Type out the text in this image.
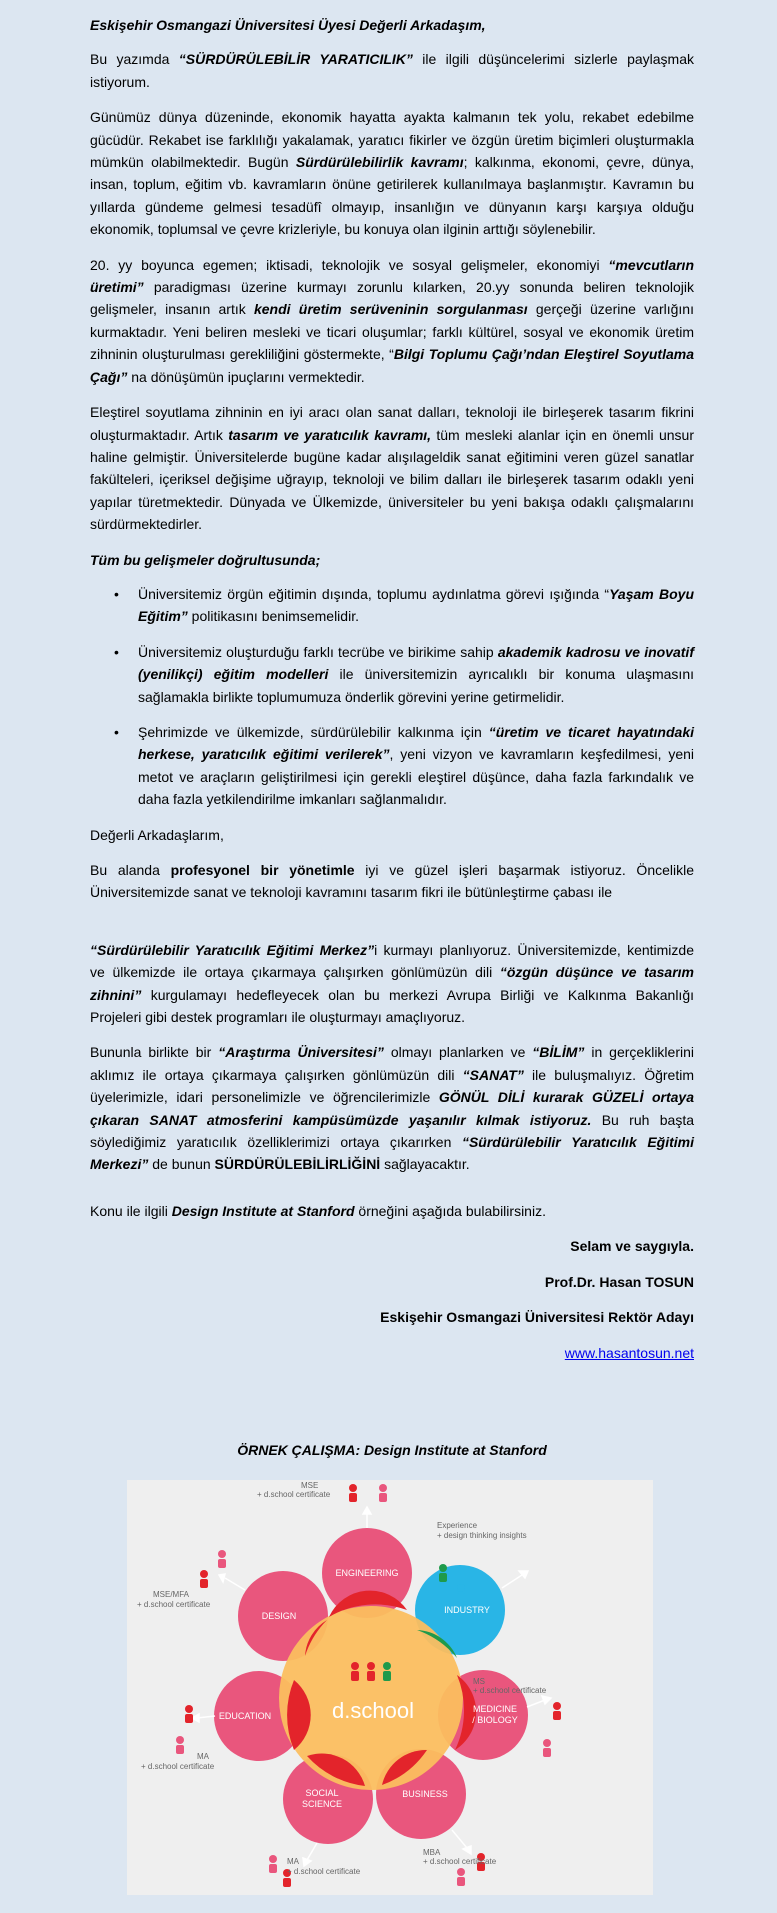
Eskişehir Osmangazi Üniversitesi Üyesi Değerli Arkadaşım,

Bu yazımda “SÜRDÜRÜLEBİLİR YARATICILIK” ile ilgili düşüncelerimi sizlerle paylaşmak istiyorum.

Günümüz dünya düzeninde, ekonomik hayatta ayakta kalmanın tek yolu, rekabet edebilme gücüdür. Rekabet ise farklılığı yakalamak, yaratıcı fikirler ve özgün üretim biçimleri oluşturmakla mümkün olabilmektedir. Bugün Sürdürülebilirlik kavramı; kalkınma, ekonomi, çevre, dünya, insan, toplum, eğitim vb. kavramların önüne getirilerek kullanılmaya başlanmıştır. Kavramın bu yıllarda gündeme gelmesi tesadüfî olmayıp, insanlığın ve dünyanın karşı karşıya olduğu ekonomik, toplumsal ve çevre krizleriyle, bu konuya olan ilginin arttığı söylenebilir.

20. yy boyunca egemen; iktisadi, teknolojik ve sosyal gelişmeler, ekonomiyi “mevcutların üretimi” paradigması üzerine kurmayı zorunlu kılarken, 20.yy sonunda beliren teknolojik gelişmeler, insanın artık kendi üretim serüveninin sorgulanması gerçeği üzerine varlığını kurmaktadır. Yeni beliren mesleki ve ticari oluşumlar; farklı kültürel, sosyal ve ekonomik üretim zihninin oluşturulması gerekliliğini göstermekte, “Bilgi Toplumu Çağı’ndan Eleştirel Soyutlama Çağı” na dönüşümün ipuçlarını vermektedir.

Eleştirel soyutlama zihninin en iyi aracı olan sanat dalları, teknoloji ile birleşerek tasarım fikrini oluşturmaktadır. Artık tasarım ve yaratıcılık kavramı, tüm mesleki alanlar için en önemli unsur haline gelmiştir. Üniversitelerde bugüne kadar alışılageldik sanat eğitimini veren güzel sanatlar fakülteleri, içeriksel değişime uğrayıp, teknoloji ve bilim dalları ile birleşerek tasarım odaklı yeni yapılar türetmektedir. Dünyada ve Ülkemizde, üniversiteler bu yeni bakışa odaklı çalışmalarını sürdürmektedirler.

Tüm bu gelişmeler doğrultusunda;

• Üniversitemiz örgün eğitimin dışında, toplumu aydınlatma görevi ışığında “Yaşam Boyu Eğitim” politikasını benimsemelidir.
• Üniversitemiz oluşturduğu farklı tecrübe ve birikime sahip akademik kadrosu ve inovatif (yenilikçi) eğitim modelleri ile üniversitemizin ayrıcalıklı bir konuma ulaşmasını sağlamakla birlikte toplumumuza önderlik görevini yerine getirmelidir.
• Şehrimizde ve ülkemizde, sürdürülebilir kalkınma için “üretim ve ticaret hayatındaki herkese, yaratıcılık eğitimi verilerek”, yeni vizyon ve kavramların keşfedilmesi, yeni metot ve araçların geliştirilmesi için gerekli eleştirel düşünce, daha fazla farkındalık ve daha fazla yetkilendirilme imkanları sağlanmalıdır.

Değerli Arkadaşlarım,

Bu alanda profesyonel bir yönetimle iyi ve güzel işleri başarmak istiyoruz. Öncelikle Üniversitemizde sanat ve teknoloji kavramını tasarım fikri ile bütünleştirme çabası ile

“Sürdürülebilir Yaratıcılık Eğitimi Merkez”i kurmayı planlıyoruz. Üniversitemizde, kentimizde ve ülkemizde ile ortaya çıkarmaya çalışırken gönlümüzün dili “özgün düşünce ve tasarım zihnini” kurgulamayı hedefleyecek olan bu merkezi Avrupa Birliği ve Kalkınma Bakanlığı Projeleri gibi destek programları ile oluşturmayı amaçlıyoruz.

Bununla birlikte bir “Araştırma Üniversitesi” olmayı planlarken ve “BİLİM” in gerçekliklerini aklımız ile ortaya çıkarmaya çalışırken gönlümüzün dili “SANAT” ile buluşmalıyız. Öğretim üyelerimizle, idari personelimizle ve öğrencilerimizle GÖNÜL DİLİ kurarak GÜZELİ ortaya çıkaran SANAT atmosferini kampüsümüzde yaşanılır kılmak istiyoruz. Bu ruh başta söylediğimiz yaratıcılık özelliklerimizi ortaya çıkarırken “Sürdürülebilir Yaratıcılık Eğitimi Merkezi” de bunun SÜRDÜRÜLEBİLİRLİĞİNİ sağlayacaktır.

Konu ile ilgili Design Institute at Stanford örneğini aşağıda bulabilirsiniz.

Selam ve saygıyla.

Prof.Dr. Hasan TOSUN

Eskişehir Osmangazi Üniversitesi Rektör Adayı

www.hasantosun.net

ÖRNEK ÇALIŞMA: Design Institute at Stanford
ENGINEERING
INDUSTRY
MEDICINE
/ BIOLOGY
BUSINESS
SOCIAL
SCIENCE
EDUCATION
DESIGN
d.school
MSE
+ d.school certificate
Experience
+ design thinking insights
MSE/MFA
+ d.school certificate
MS
+ d.school certificate
MA
+ d.school certificate
MBA
+ d.school certificate
MA
+ d.school certificate
